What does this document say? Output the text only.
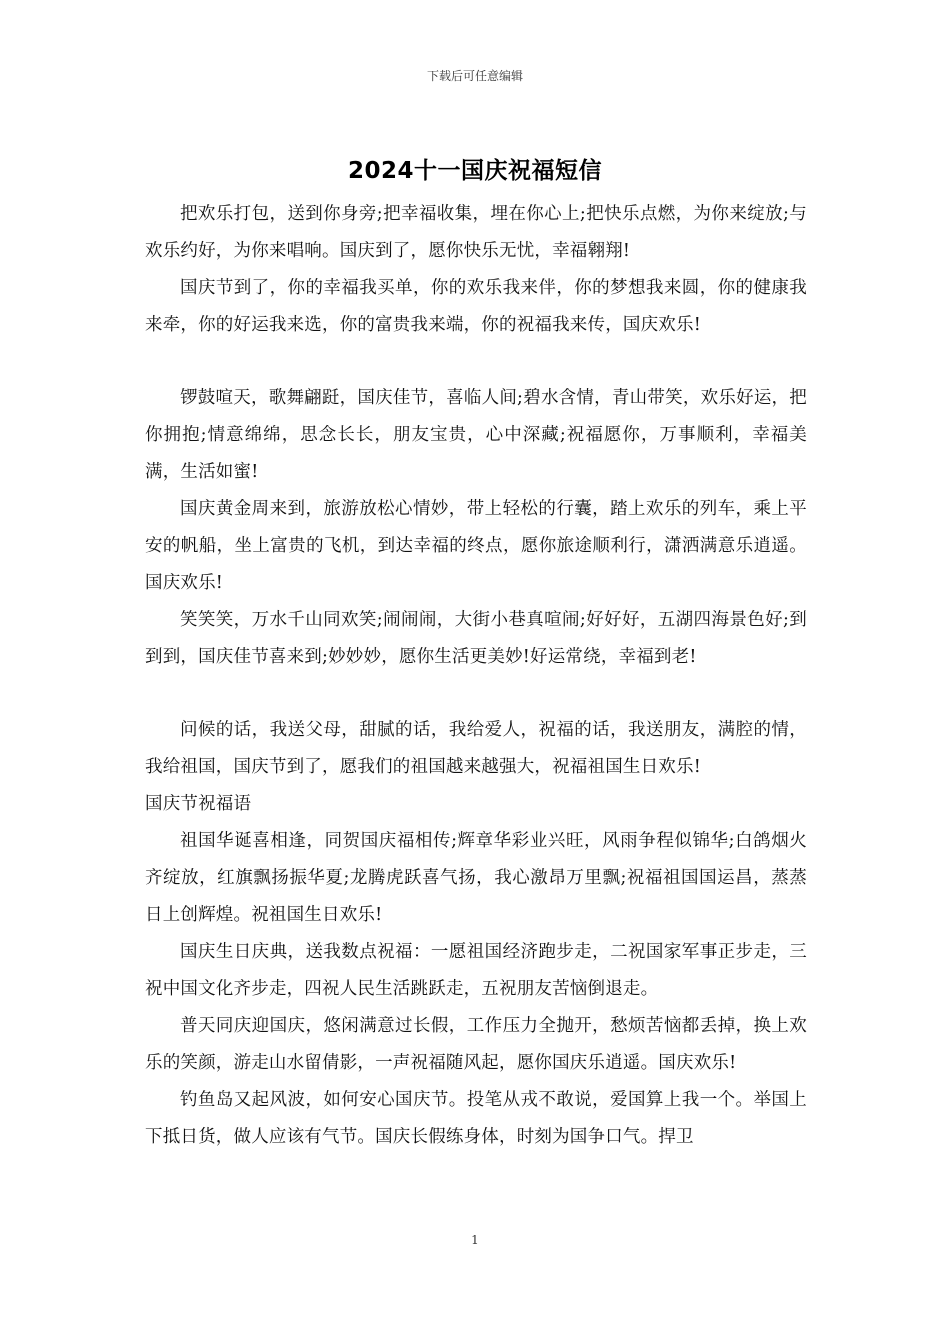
下载后可任意编辑
2024十一国庆祝福短信

把欢乐打包，送到你身旁;把幸福收集，埋在你心上;把快乐点燃，为你来绽放;与欢乐约好，为你来唱响。国庆到了，愿你快乐无忧，幸福翱翔!

国庆节到了，你的幸福我买单，你的欢乐我来伴，你的梦想我来圆，你的健康我来牵，你的好运我来选，你的富贵我来端，你的祝福我来传，国庆欢乐!

锣鼓喧天，歌舞翩跹，国庆佳节，喜临人间;碧水含情，青山带笑，欢乐好运，把你拥抱;情意绵绵，思念长长，朋友宝贵，心中深藏;祝福愿你，万事顺利，幸福美满，生活如蜜!

国庆黄金周来到，旅游放松心情妙，带上轻松的行囊，踏上欢乐的列车，乘上平安的帆船，坐上富贵的飞机，到达幸福的终点，愿你旅途顺利行，潇洒满意乐逍遥。国庆欢乐!

笑笑笑，万水千山同欢笑;闹闹闹，大街小巷真喧闹;好好好，五湖四海景色好;到到到，国庆佳节喜来到;妙妙妙，愿你生活更美妙!好运常绕，幸福到老!

问候的话，我送父母，甜腻的话，我给爱人，祝福的话，我送朋友，满腔的情，我给祖国，国庆节到了，愿我们的祖国越来越强大，祝福祖国生日欢乐!

国庆节祝福语

祖国华诞喜相逢，同贺国庆福相传;辉章华彩业兴旺，风雨争程似锦华;白鸽烟火齐绽放，红旗飘扬振华夏;龙腾虎跃喜气扬，我心激昂万里飘;祝福祖国国运昌，蒸蒸日上创辉煌。祝祖国生日欢乐!

国庆生日庆典，送我数点祝福：一愿祖国经济跑步走，二祝国家军事正步走，三祝中国文化齐步走，四祝人民生活跳跃走，五祝朋友苦恼倒退走。

普天同庆迎国庆，悠闲满意过长假，工作压力全抛开，愁烦苦恼都丢掉，换上欢乐的笑颜，游走山水留倩影，一声祝福随风起，愿你国庆乐逍遥。国庆欢乐!

钓鱼岛又起风波，如何安心国庆节。投笔从戎不敢说，爱国算上我一个。举国上下抵日货，做人应该有气节。国庆长假练身体，时刻为国争口气。捍卫

1
